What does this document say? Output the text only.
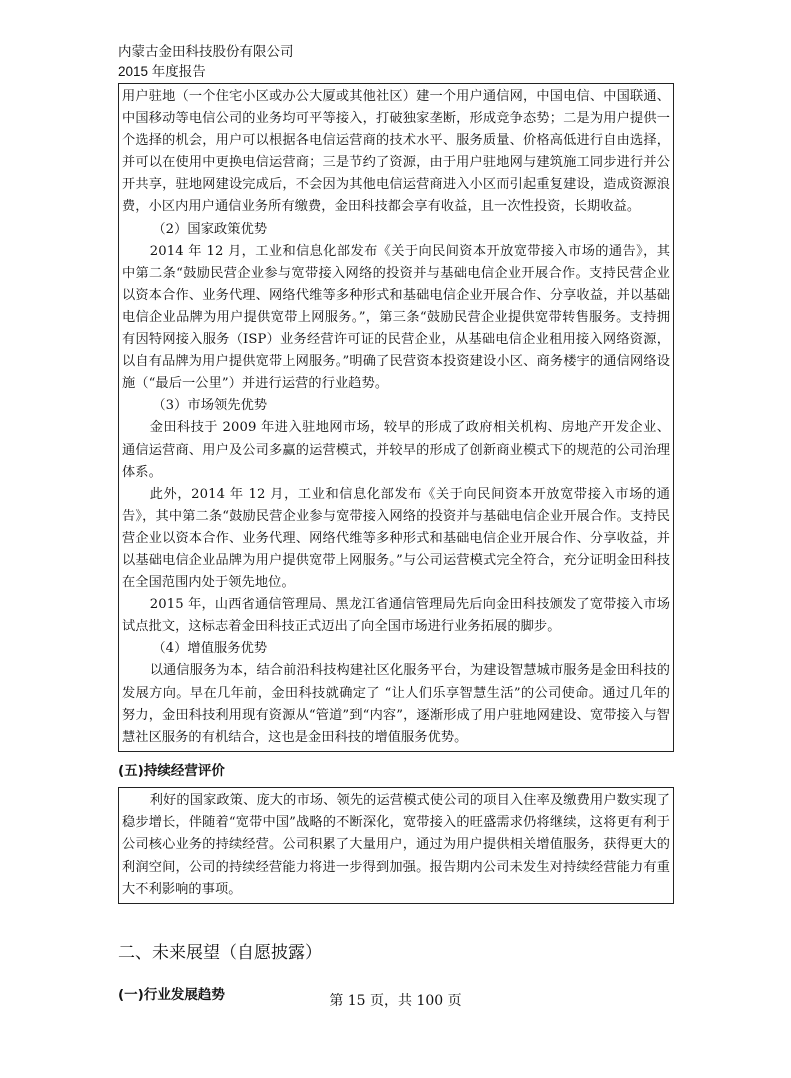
内蒙古金田科技股份有限公司
2015 年度报告

用户驻地（一个住宅小区或办公大厦或其他社区）建一个用户通信网，中国电信、中国联通、中国移动等电信公司的业务均可平等接入，打破独家垄断，形成竞争态势；二是为用户提供一个选择的机会，用户可以根据各电信运营商的技术水平、服务质量、价格高低进行自由选择，并可以在使用中更换电信运营商；三是节约了资源，由于用户驻地网与建筑施工同步进行并公开共享，驻地网建设完成后，不会因为其他电信运营商进入小区而引起重复建设，造成资源浪费，小区内用户通信业务所有缴费，金田科技都会享有收益，且一次性投资，长期收益。

（2）国家政策优势

2014 年 12 月，工业和信息化部发布《关于向民间资本开放宽带接入市场的通告》，其中第二条“鼓励民营企业参与宽带接入网络的投资并与基础电信企业开展合作。支持民营企业以资本合作、业务代理、网络代维等多种形式和基础电信企业开展合作、分享收益，并以基础电信企业品牌为用户提供宽带上网服务。”，第三条“鼓励民营企业提供宽带转售服务。支持拥有因特网接入服务（ISP）业务经营许可证的民营企业，从基础电信企业租用接入网络资源，以自有品牌为用户提供宽带上网服务。”明确了民营资本投资建设小区、商务楼宇的通信网络设施（“最后一公里”）并进行运营的行业趋势。

（3）市场领先优势

金田科技于 2009 年进入驻地网市场，较早的形成了政府相关机构、房地产开发企业、通信运营商、用户及公司多赢的运营模式，并较早的形成了创新商业模式下的规范的公司治理体系。

此外，2014 年 12 月，工业和信息化部发布《关于向民间资本开放宽带接入市场的通告》，其中第二条“鼓励民营企业参与宽带接入网络的投资并与基础电信企业开展合作。支持民营企业以资本合作、业务代理、网络代维等多种形式和基础电信企业开展合作、分享收益，并以基础电信企业品牌为用户提供宽带上网服务。”与公司运营模式完全符合，充分证明金田科技在全国范围内处于领先地位。

2015 年，山西省通信管理局、黑龙江省通信管理局先后向金田科技颁发了宽带接入市场试点批文，这标志着金田科技正式迈出了向全国市场进行业务拓展的脚步。

（4）增值服务优势

以通信服务为本，结合前沿科技构建社区化服务平台，为建设智慧城市服务是金田科技的发展方向。早在几年前，金田科技就确定了 “让人们乐享智慧生活”的公司使命。通过几年的努力，金田科技利用现有资源从“管道”到“内容”，逐渐形成了用户驻地网建设、宽带接入与智慧社区服务的有机结合，这也是金田科技的增值服务优势。

(五)持续经营评价

利好的国家政策、庞大的市场、领先的运营模式使公司的项目入住率及缴费用户数实现了稳步增长，伴随着“宽带中国”战略的不断深化，宽带接入的旺盛需求仍将继续，这将更有利于公司核心业务的持续经营。公司积累了大量用户，通过为用户提供相关增值服务，获得更大的利润空间，公司的持续经营能力将进一步得到加强。报告期内公司未发生对持续经营能力有重大不利影响的事项。

二、未来展望（自愿披露）
(一)行业发展趋势	第 15 页，共 100 页
